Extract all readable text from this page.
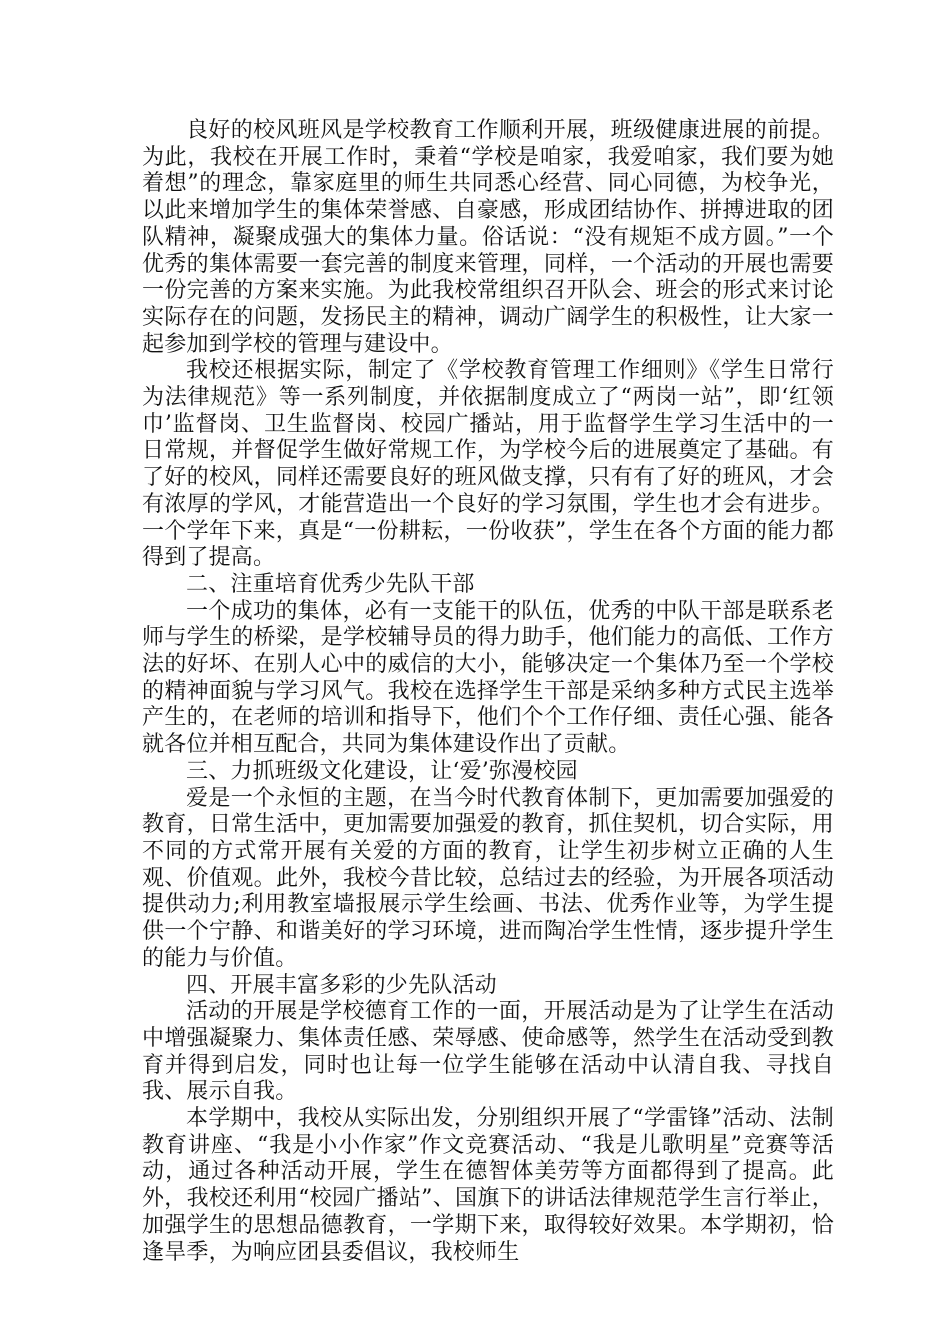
良好的校风班风是学校教育工作顺利开展，班级健康进展的前提。为此，我校在开展工作时，秉着“学校是咱家，我爱咱家，我们要为她着想”的理念，靠家庭里的师生共同悉心经营、同心同德，为校争光，以此来增加学生的集体荣誉感、自豪感，形成团结协作、拼搏进取的团队精神，凝聚成强大的集体力量。俗话说：“没有规矩不成方圆。”一个优秀的集体需要一套完善的制度来管理，同样，一个活动的开展也需要一份完善的方案来实施。为此我校常组织召开队会、班会的形式来讨论实际存在的问题，发扬民主的精神，调动广阔学生的积极性，让大家一起参加到学校的管理与建设中。

我校还根据实际，制定了《学校教育管理工作细则》《学生日常行为法律规范》等一系列制度，并依据制度成立了“两岗一站”，即‘红领巾’监督岗、卫生监督岗、校园广播站，用于监督学生学习生活中的一日常规，并督促学生做好常规工作，为学校今后的进展奠定了基础。有了好的校风，同样还需要良好的班风做支撑，只有有了好的班风，才会有浓厚的学风，才能营造出一个良好的学习氛围，学生也才会有进步。一个学年下来，真是“一份耕耘，一份收获”，学生在各个方面的能力都得到了提高。

二、注重培育优秀少先队干部

一个成功的集体，必有一支能干的队伍，优秀的中队干部是联系老师与学生的桥梁，是学校辅导员的得力助手，他们能力的高低、工作方法的好坏、在别人心中的威信的大小，能够决定一个集体乃至一个学校的精神面貌与学习风气。我校在选择学生干部是采纳多种方式民主选举产生的，在老师的培训和指导下，他们个个工作仔细、责任心强、能各就各位并相互配合，共同为集体建设作出了贡献。

三、力抓班级文化建设，让‘爱’弥漫校园

爱是一个永恒的主题，在当今时代教育体制下，更加需要加强爱的教育，日常生活中，更加需要加强爱的教育，抓住契机，切合实际，用不同的方式常开展有关爱的方面的教育，让学生初步树立正确的人生观、价值观。此外，我校今昔比较，总结过去的经验，为开展各项活动提供动力;利用教室墙报展示学生绘画、书法、优秀作业等，为学生提供一个宁静、和谐美好的学习环境，进而陶冶学生性情，逐步提升学生的能力与价值。

四、开展丰富多彩的少先队活动

活动的开展是学校德育工作的一面，开展活动是为了让学生在活动中增强凝聚力、集体责任感、荣辱感、使命感等，然学生在活动受到教育并得到启发，同时也让每一位学生能够在活动中认清自我、寻找自我、展示自我。

本学期中，我校从实际出发，分别组织开展了“学雷锋”活动、法制教育讲座、“我是小小作家”作文竞赛活动、“我是儿歌明星”竞赛等活动，通过各种活动开展，学生在德智体美劳等方面都得到了提高。此外，我校还利用“校园广播站”、国旗下的讲话法律规范学生言行举止，加强学生的思想品德教育，一学期下来，取得较好效果。本学期初，恰逢旱季，为响应团县委倡议，我校师生
